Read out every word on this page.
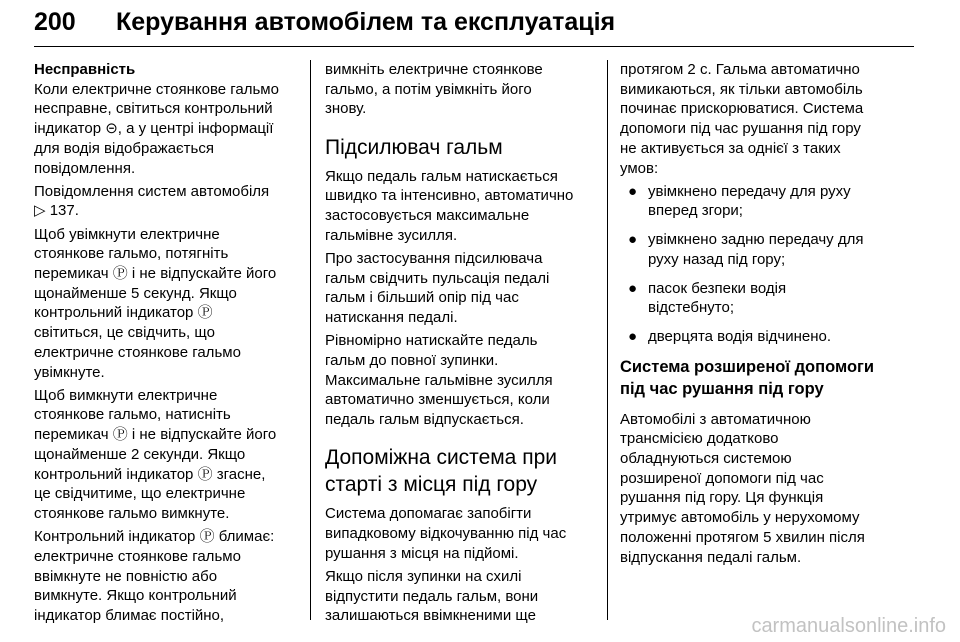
200 Керування автомобілем та експлуатація

Несправність

Коли електричне стоянкове гальмо
несправне, світиться контрольний
індикатор ⊝, а у центрі інформації
для водія відображається
повідомлення.

Повідомлення систем автомобіля
▷ 137.

Щоб увімкнути електричне
стоянкове гальмо, потягніть
перемикач Ⓟ і не відпускайте його
щонайменше 5 секунд. Якщо
контрольний індикатор Ⓟ
світиться, це свідчить, що
електричне стоянкове гальмо
увімкнуте.

Щоб вимкнути електричне
стоянкове гальмо, натисніть
перемикач Ⓟ і не відпускайте його
щонайменше 2 секунди. Якщо
контрольний індикатор Ⓟ згасне,
це свідчитиме, що електричне
стоянкове гальмо вимкнуте.

Контрольний індикатор Ⓟ блимає:
електричне стоянкове гальмо
ввімкнуте не повністю або
вимкнуте. Якщо контрольний
індикатор блимає постійно,

вимкніть електричне стоянкове
гальмо, а потім увімкніть його
знову.

Підсилювач гальм

Якщо педаль гальм натискається
швидко та інтенсивно, автоматично
застосовується максимальне
гальмівне зусилля.

Про застосування підсилювача
гальм свідчить пульсація педалі
гальм і більший опір під час
натискання педалі.

Рівномірно натискайте педаль
гальм до повної зупинки.
Максимальне гальмівне зусилля
автоматично зменшується, коли
педаль гальм відпускається.

Допоміжна система при
старті з місця під гору

Система допомагає запобігти
випадковому відкочуванню під час
рушання з місця на підйомі.

Якщо після зупинки на схилі
відпустити педаль гальм, вони
залишаються ввімкненими ще

протягом 2 с. Гальма автоматично
вимикаються, як тільки автомобіль
починає прискорюватися. Система
допомоги під час рушання під гору
не активується за однієї з таких
умов:

● увімкнено передачу для руху
вперед згори;
● увімкнено задню передачу для
руху назад під гору;
● пасок безпеки водія
відстебнуто;
● дверцята водія відчинено.
Система розширеної допомоги
під час рушання під гору

Автомобілі з автоматичною
трансмісією додатково
обладнуються системою
розширеної допомоги під час
рушання під гору. Ця функція
утримує автомобіль у нерухомому
положенні протягом 5 хвилин після
відпускання педалі гальм.

carmanualsonline.info
